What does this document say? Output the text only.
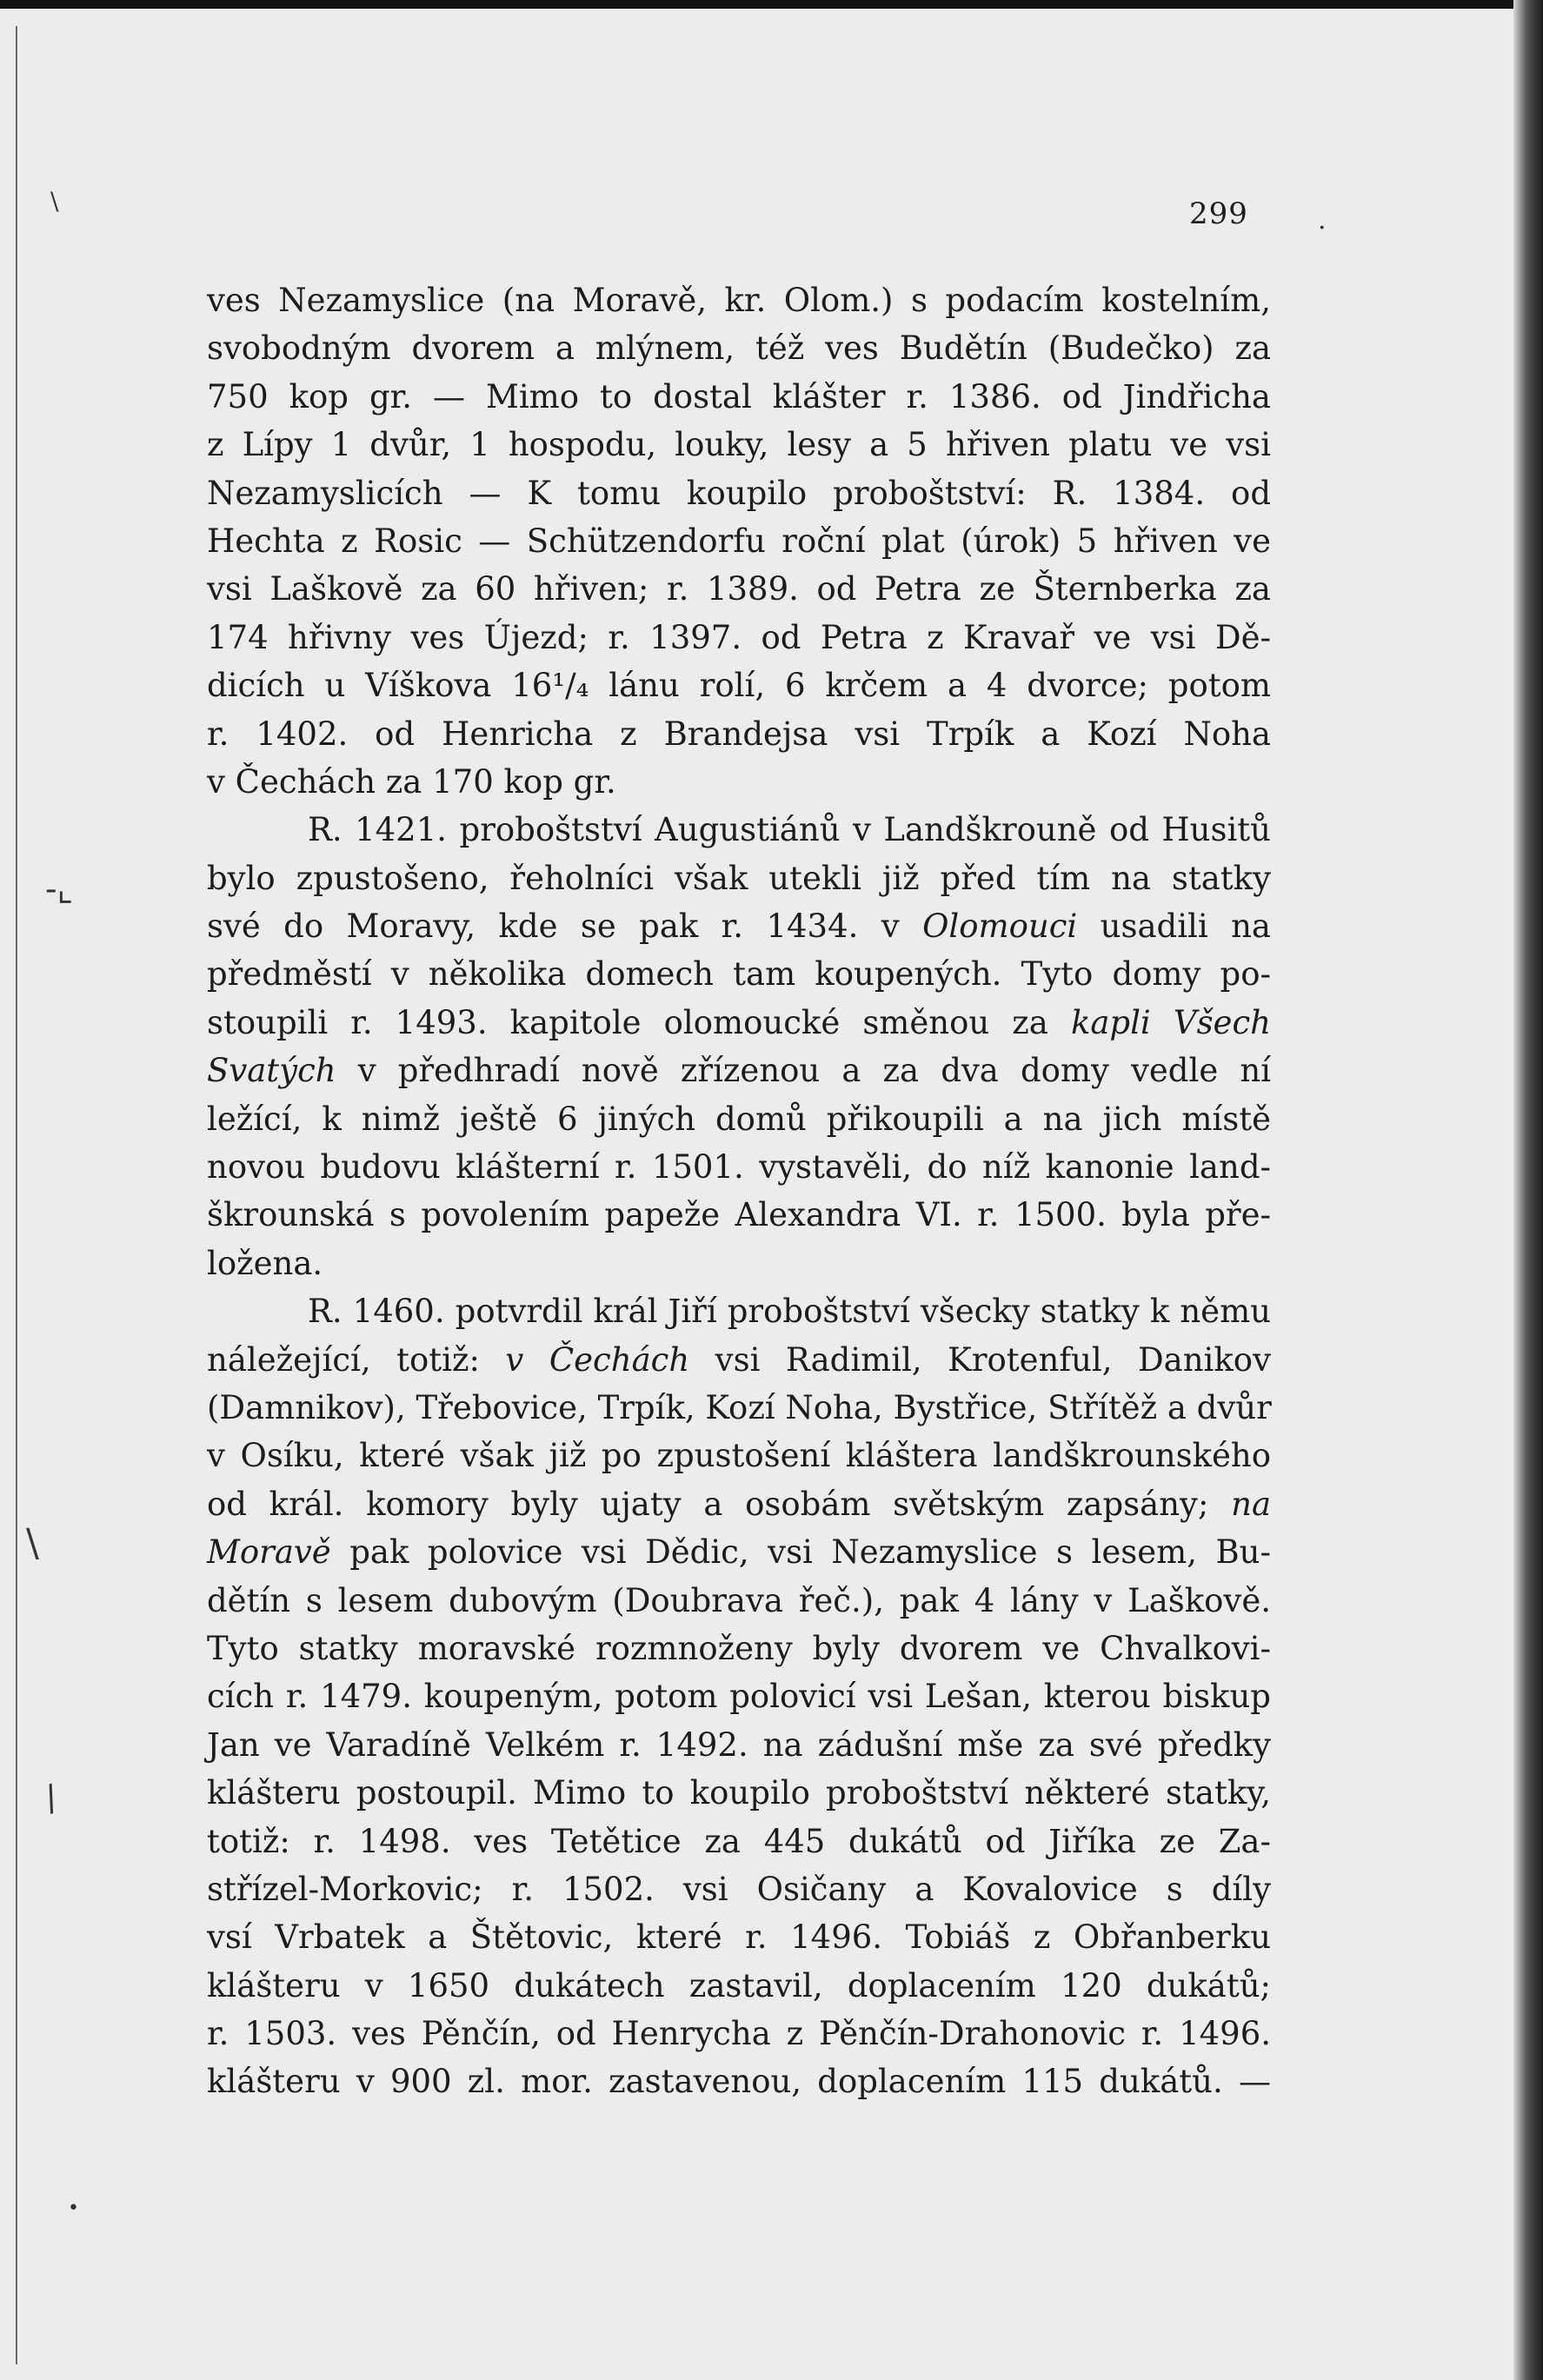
\
.
-⌞
\
/
•
299
ves Nezamyslice (na Moravě, kr. Olom.) s podacím kostelním,
svobodným dvorem a mlýnem, též ves Budětín (Budečko) za
750 kop gr. — Mimo to dostal klášter r. 1386. od Jindřicha
z Lípy 1 dvůr, 1 hospodu, louky, lesy a 5 hřiven platu ve vsi
Nezamyslicích — K tomu koupilo proboštství: R. 1384. od
Hechta z Rosic — Schützendorfu roční plat (úrok) 5 hřiven ve
vsi Laškově za 60 hřiven; r. 1389. od Petra ze Šternberka za
174 hřivny ves Újezd; r. 1397. od Petra z Kravař ve vsi Dě-
dicích u Víškova 16¹/₄ lánu rolí, 6 krčem a 4 dvorce; potom
r. 1402. od Henricha z Brandejsa vsi Trpík a Kozí Noha
v Čechách za 170 kop gr.
R. 1421. proboštství Augustiánů v Landškrouně od Husitů
bylo zpustošeno, řeholníci však utekli již před tím na statky
své do Moravy, kde se pak r. 1434. v Olomouci usadili na
předměstí v několika domech tam koupených. Tyto domy po-
stoupili r. 1493. kapitole olomoucké směnou za kapli Všech
Svatých v předhradí nově zřízenou a za dva domy vedle ní
ležící, k nimž ještě 6 jiných domů přikoupili a na jich místě
novou budovu klášterní r. 1501. vystavěli, do níž kanonie land-
škrounská s povolením papeže Alexandra VI. r. 1500. byla pře-
ložena.
R. 1460. potvrdil král Jiří proboštství všecky statky k němu
náležející, totiž: v Čechách vsi Radimil, Krotenful, Danikov
(Damnikov), Třebovice, Trpík, Kozí Noha, Bystřice, Střítěž a dvůr
v Osíku, které však již po zpustošení kláštera landškrounského
od král. komory byly ujaty a osobám světským zapsány; na
Moravě pak polovice vsi Dědic, vsi Nezamyslice s lesem, Bu-
dětín s lesem dubovým (Doubrava řeč.), pak 4 lány v Laškově.
Tyto statky moravské rozmnoženy byly dvorem ve Chvalkovi-
cích r. 1479. koupeným, potom polovicí vsi Lešan, kterou biskup
Jan ve Varadíně Velkém r. 1492. na zádušní mše za své předky
klášteru postoupil. Mimo to koupilo proboštství některé statky,
totiž: r. 1498. ves Tetětice za 445 dukátů od Jiříka ze Za-
střízel-Morkovic; r. 1502. vsi Osičany a Kovalovice s díly
vsí Vrbatek a Štětovic, které r. 1496. Tobiáš z Obřanberku
klášteru v 1650 dukátech zastavil, doplacením 120 dukátů;
r. 1503. ves Pěnčín, od Henrycha z Pěnčín-Drahonovic r. 1496.
klášteru v 900 zl. mor. zastavenou, doplacením 115 dukátů. —
